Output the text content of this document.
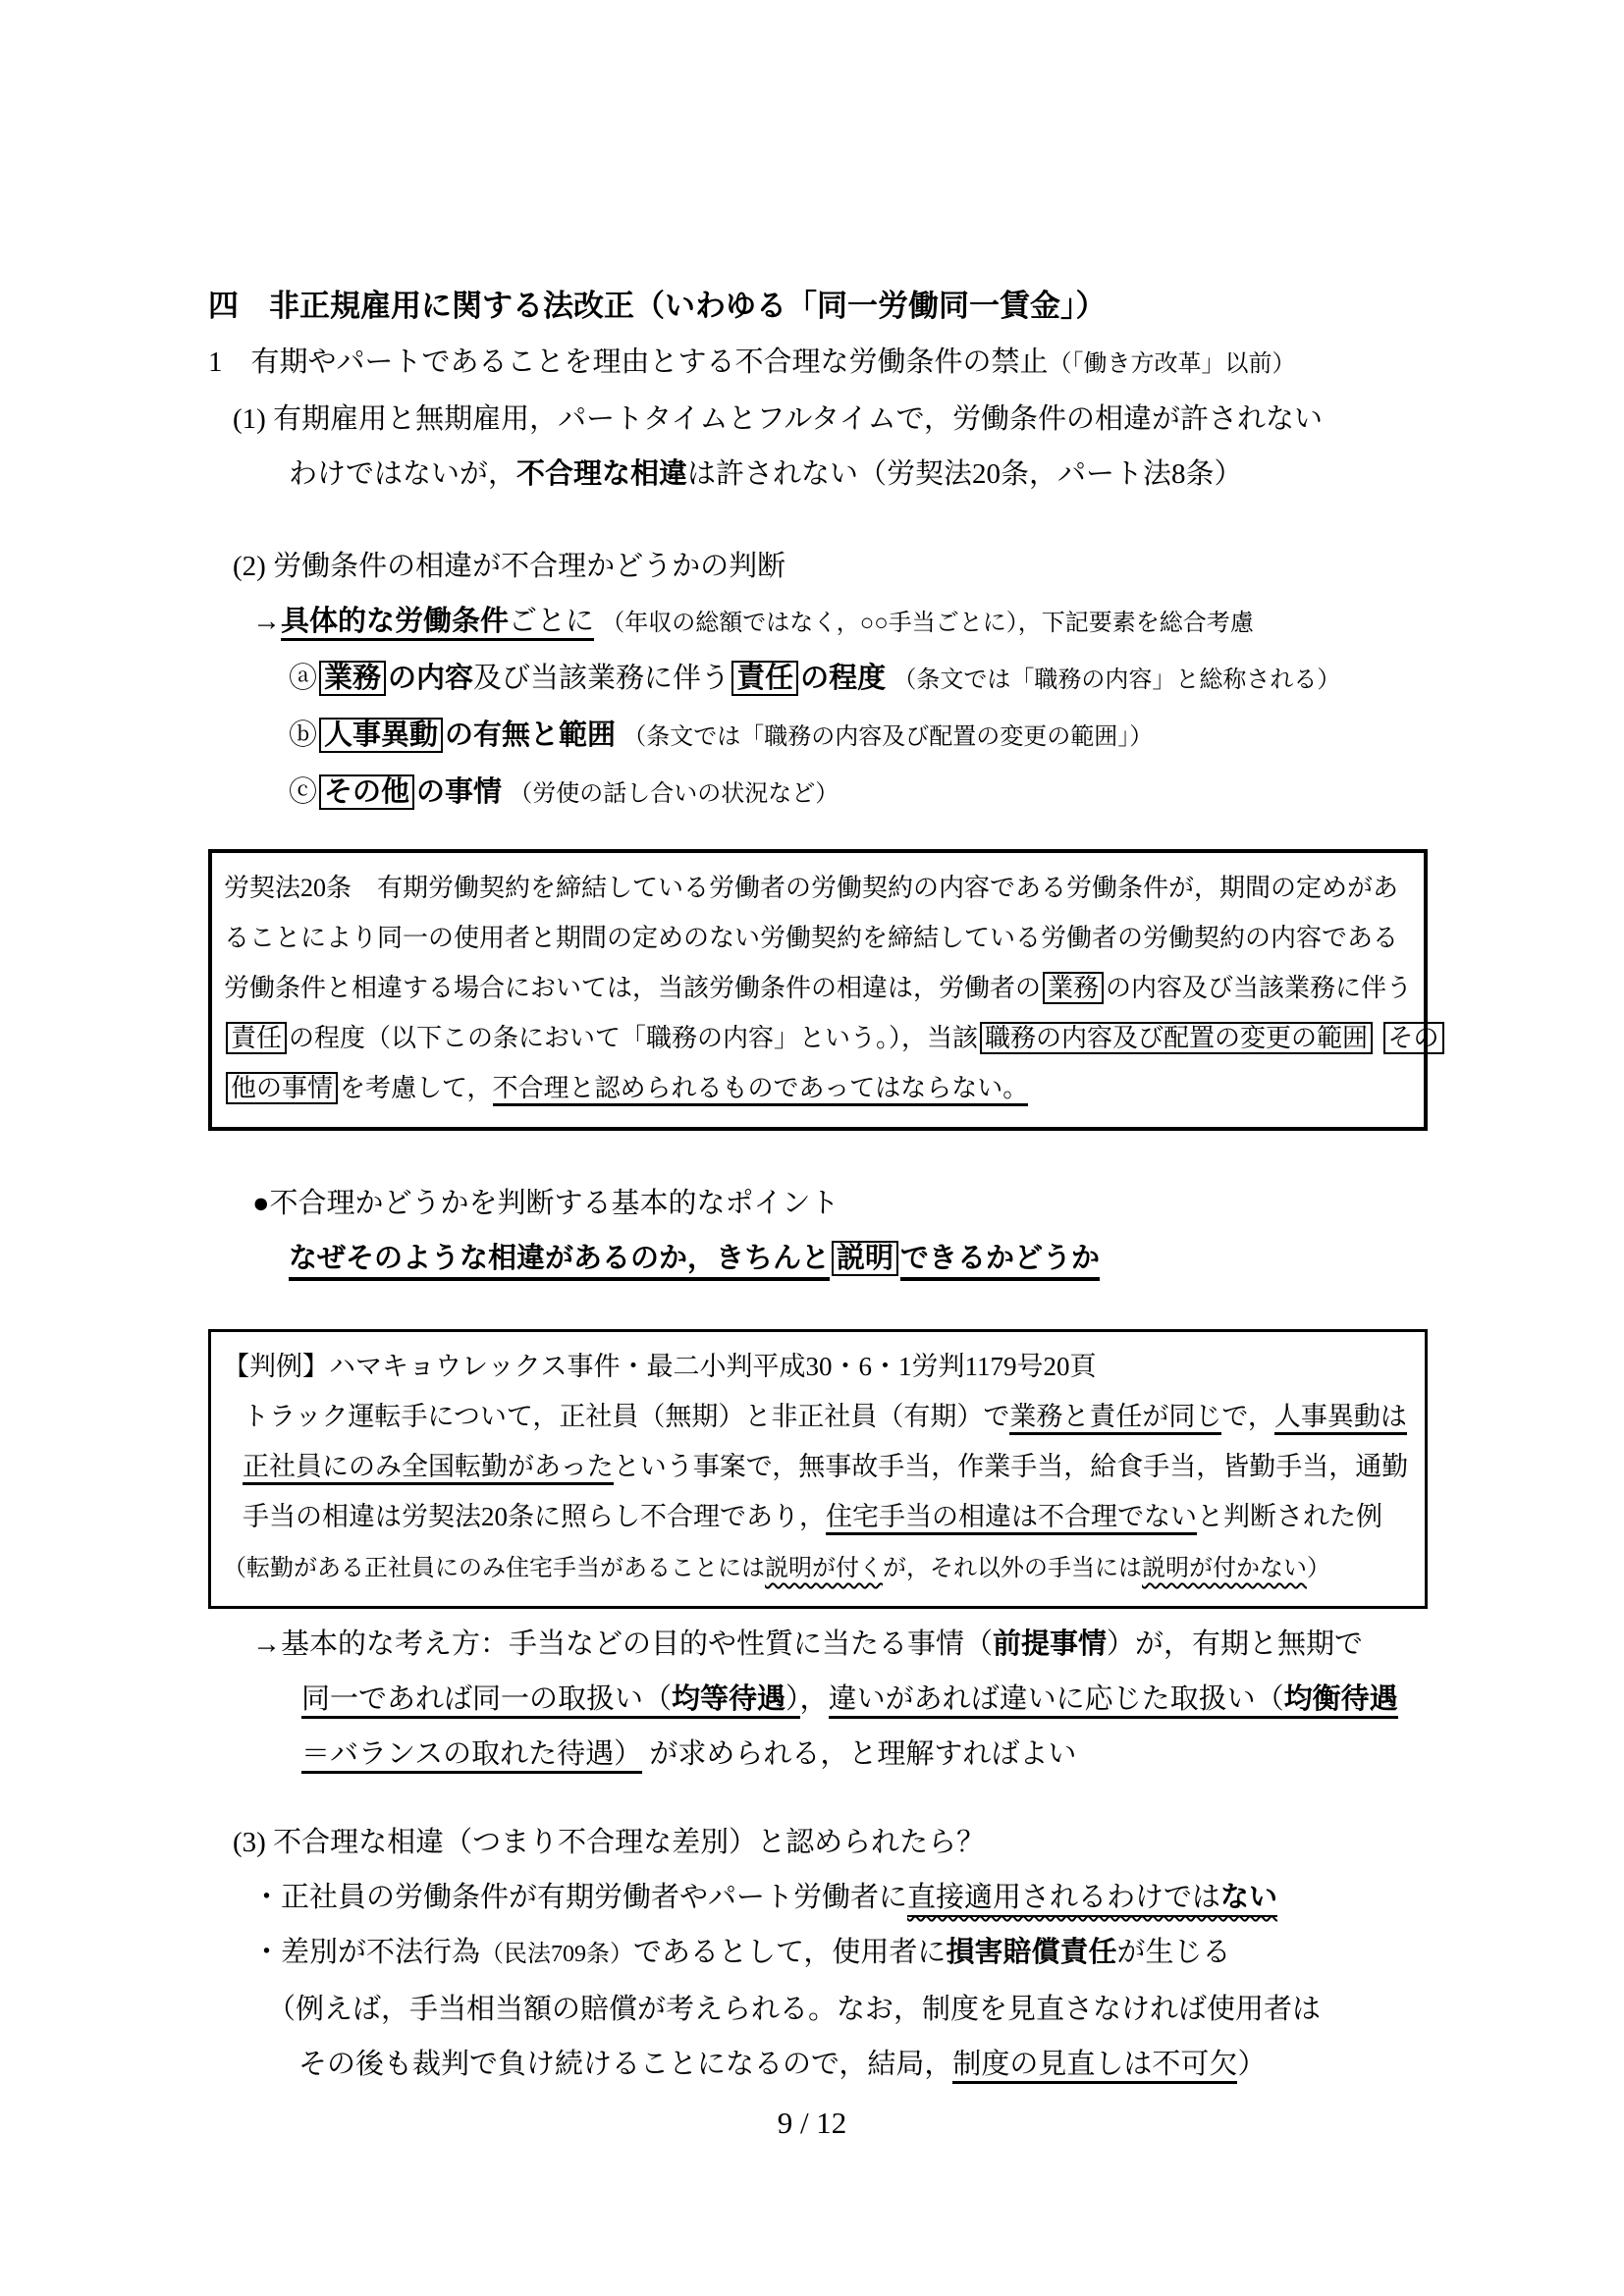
四　非正規雇用に関する法改正（いわゆる「同一労働同一賃金」）
1　有期やパートであることを理由とする不合理な労働条件の禁止（「働き方改革」以前）
(1) 有期雇用と無期雇用，パートタイムとフルタイムで，労働条件の相違が許されない
わけではないが，不合理な相違は許されない（労契法20条，パート法8条）
(2) 労働条件の相違が不合理かどうかの判断
→具体的な労働条件ごとに （年収の総額ではなく，○○手当ごとに），下記要素を総合考慮
ⓐ 業務 の内容及び当該業務に伴う 責任 の程度 （条文では「職務の内容」と総称される）
ⓑ 人事異動 の有無と範囲 （条文では「職務の内容及び配置の変更の範囲」）
ⓒ その他 の事情 （労使の話し合いの状況など）
労契法20条　有期労働契約を締結している労働者の労働契約の内容である労働条件が，期間の定めがあ
ることにより同一の使用者と期間の定めのない労働契約を締結している労働者の労働契約の内容である
労働条件と相違する場合においては，当該労働条件の相違は，労働者の 業務 の内容及び当該業務に伴う
責任 の程度（以下この条において「職務の内容」という。），当該 職務の内容及び配置の変更の範囲 その
他の事情 を考慮して，不合理と認められるものであってはならない。
●不合理かどうかを判断する基本的なポイント
なぜそのような相違があるのか，きちんと 説明 できるかどうか
【判例】ハマキョウレックス事件・最二小判平成30・6・1労判1179号20頁
トラック運転手について，正社員（無期）と非正社員（有期）で業務と責任が同じで，人事異動は
正社員にのみ全国転勤があったという事案で，無事故手当，作業手当，給食手当，皆勤手当，通勤
手当の相違は労契法20条に照らし不合理であり，住宅手当の相違は不合理でないと判断された例
（転勤がある正社員にのみ住宅手当があることには説明が付くが，それ以外の手当には説明が付かない）
→基本的な考え方：手当などの目的や性質に当たる事情（前提事情）が，有期と無期で
同一であれば同一の取扱い（均等待遇），違いがあれば違いに応じた取扱い（均衡待遇
＝バランスの取れた待遇） が求められる，と理解すればよい
(3) 不合理な相違（つまり不合理な差別）と認められたら？
・正社員の労働条件が有期労働者やパート労働者に直接適用されるわけではない
・差別が不法行為（民法709条）であるとして，使用者に損害賠償責任が生じる
（例えば，手当相当額の賠償が考えられる。なお，制度を見直さなければ使用者は
その後も裁判で負け続けることになるので，結局，制度の見直しは不可欠）
9 / 12
